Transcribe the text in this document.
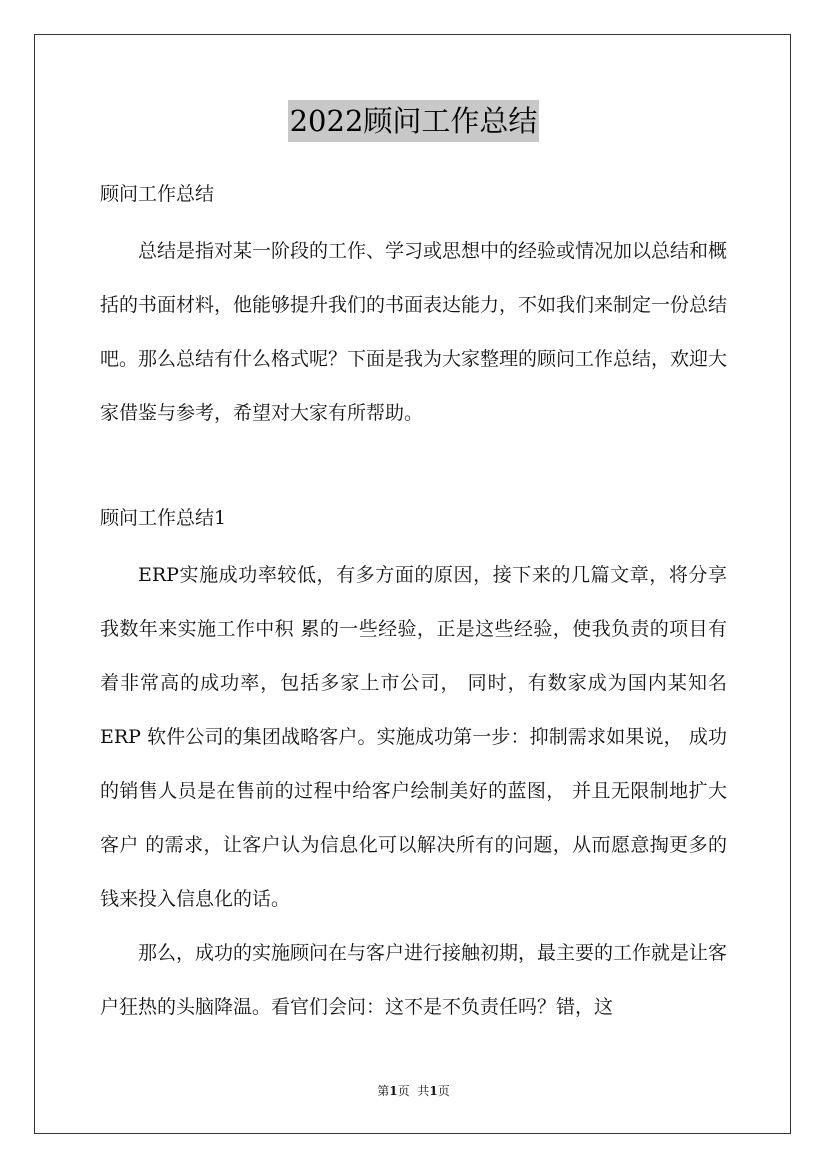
2022顾问工作总结

顾问工作总结

总结是指对某一阶段的工作、学习或思想中的经验或情况加以总结和概括的书面材料，他能够提升我们的书面表达能力，不如我们来制定一份总结吧。那么总结有什么格式呢？下面是我为大家整理的顾问工作总结，欢迎大家借鉴与参考，希望对大家有所帮助。

顾问工作总结1

ERP实施成功率较低，有多方面的原因，接下来的几篇文章，将分享我数年来实施工作中积 累的一些经验，正是这些经验，使我负责的项目有着非常高的成功率，包括多家上市公司， 同时，有数家成为国内某知名 ERP 软件公司的集团战略客户。实施成功第一步：抑制需求如果说， 成功的销售人员是在售前的过程中给客户绘制美好的蓝图， 并且无限制地扩大客户 的需求，让客户认为信息化可以解决所有的问题，从而愿意掏更多的钱来投入信息化的话。

那么，成功的实施顾问在与客户进行接触初期，最主要的工作就是让客户狂热的头脑降温。看官们会问：这不是不负责任吗？错，这

第1页 共1页
